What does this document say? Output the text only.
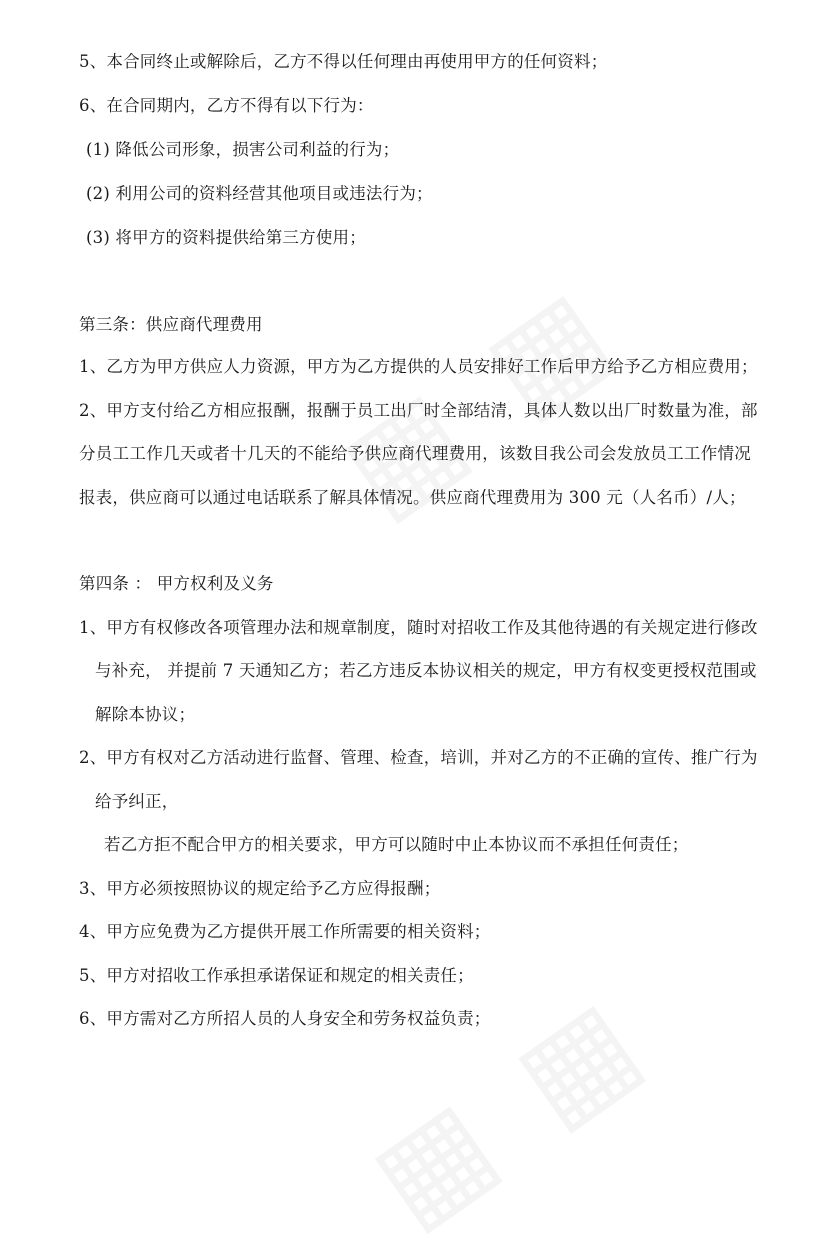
5、本合同终止或解除后，乙方不得以任何理由再使用甲方的任何资料；
6、在合同期内，乙方不得有以下行为：
(1) 降低公司形象，损害公司利益的行为；
(2) 利用公司的资料经营其他项目或违法行为；
(3) 将甲方的资料提供给第三方使用；
第三条：供应商代理费用
1、乙方为甲方供应人力资源，甲方为乙方提供的人员安排好工作后甲方给予乙方相应费用；
2、甲方支付给乙方相应报酬，报酬于员工出厂时全部结清，具体人数以出厂时数量为准，部
分员工工作几天或者十几天的不能给予供应商代理费用，该数目我公司会发放员工工作情况
报表，供应商可以通过电话联系了解具体情况。供应商代理费用为 300 元（人名币）/人；
第四条 ： 甲方权利及义务
1、甲方有权修改各项管理办法和规章制度，随时对招收工作及其他待遇的有关规定进行修改
与补充， 并提前 7 天通知乙方；若乙方违反本协议相关的规定，甲方有权变更授权范围或
解除本协议；
2、甲方有权对乙方活动进行监督、管理、检查，培训，并对乙方的不正确的宣传、推广行为
给予纠正，
若乙方拒不配合甲方的相关要求，甲方可以随时中止本协议而不承担任何责任；
3、甲方必须按照协议的规定给予乙方应得报酬；
4、甲方应免费为乙方提供开展工作所需要的相关资料；
5、甲方对招收工作承担承诺保证和规定的相关责任；
6、甲方需对乙方所招人员的人身安全和劳务权益负责；
